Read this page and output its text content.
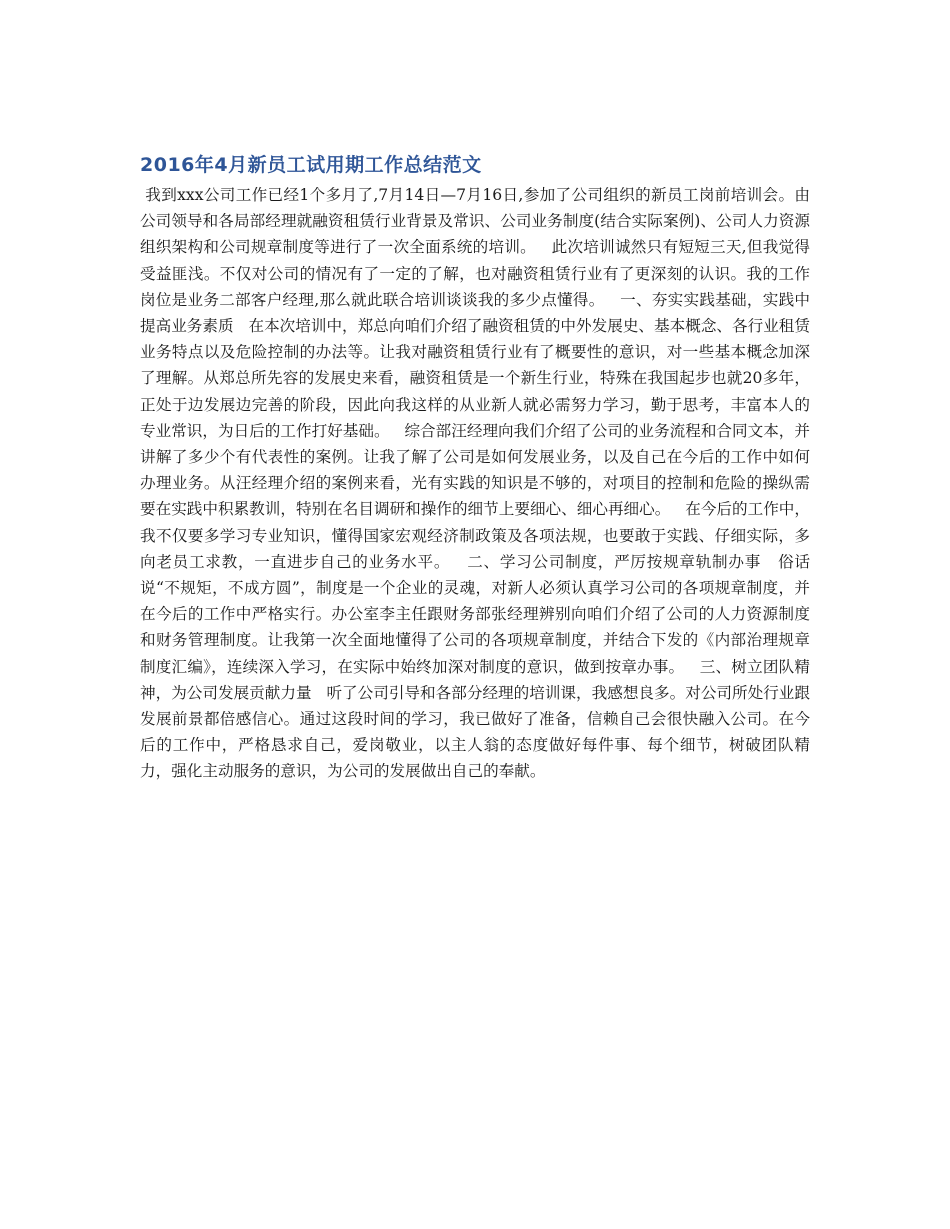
2016年4月新员工试用期工作总结范文
我到xxx公司工作已经1个多月了,7月14日—7月16日,参加了公司组织的新员工岗前培训会。由公司领导和各局部经理就融资租赁行业背景及常识、公司业务制度(结合实际案例)、公司人力资源组织架构和公司规章制度等进行了一次全面系统的培训。   此次培训诚然只有短短三天,但我觉得受益匪浅。不仅对公司的情况有了一定的了解，也对融资租赁行业有了更深刻的认识。我的工作岗位是业务二部客户经理,那么就此联合培训谈谈我的多少点懂得。   一、夯实实践基础，实践中提高业务素质   在本次培训中，郑总向咱们介绍了融资租赁的中外发展史、基本概念、各行业租赁业务特点以及危险控制的办法等。让我对融资租赁行业有了概要性的意识，对一些基本概念加深了理解。从郑总所先容的发展史来看，融资租赁是一个新生行业，特殊在我国起步也就20多年，正处于边发展边完善的阶段，因此向我这样的从业新人就必需努力学习，勤于思考，丰富本人的专业常识，为日后的工作打好基础。   综合部汪经理向我们介绍了公司的业务流程和合同文本，并讲解了多少个有代表性的案例。让我了解了公司是如何发展业务，以及自己在今后的工作中如何办理业务。从汪经理介绍的案例来看，光有实践的知识是不够的，对项目的控制和危险的操纵需要在实践中积累教训，特别在名目调研和操作的细节上要细心、细心再细心。   在今后的工作中，我不仅要多学习专业知识，懂得国家宏观经济制政策及各项法规，也要敢于实践、仔细实际，多向老员工求教，一直进步自己的业务水平。   二、学习公司制度，严厉按规章轨制办事   俗话说“不规矩，不成方圆”，制度是一个企业的灵魂，对新人必须认真学习公司的各项规章制度，并在今后的工作中严格实行。办公室李主任跟财务部张经理辨别向咱们介绍了公司的人力资源制度和财务管理制度。让我第一次全面地懂得了公司的各项规章制度，并结合下发的《内部治理规章制度汇编》，连续深入学习，在实际中始终加深对制度的意识，做到按章办事。   三、树立团队精神，为公司发展贡献力量   听了公司引导和各部分经理的培训课，我感想良多。对公司所处行业跟发展前景都倍感信心。通过这段时间的学习，我已做好了准备，信赖自己会很快融入公司。在今后的工作中，严格恳求自己，爱岗敬业，以主人翁的态度做好每件事、每个细节，树破团队精力，强化主动服务的意识，为公司的发展做出自己的奉献。
